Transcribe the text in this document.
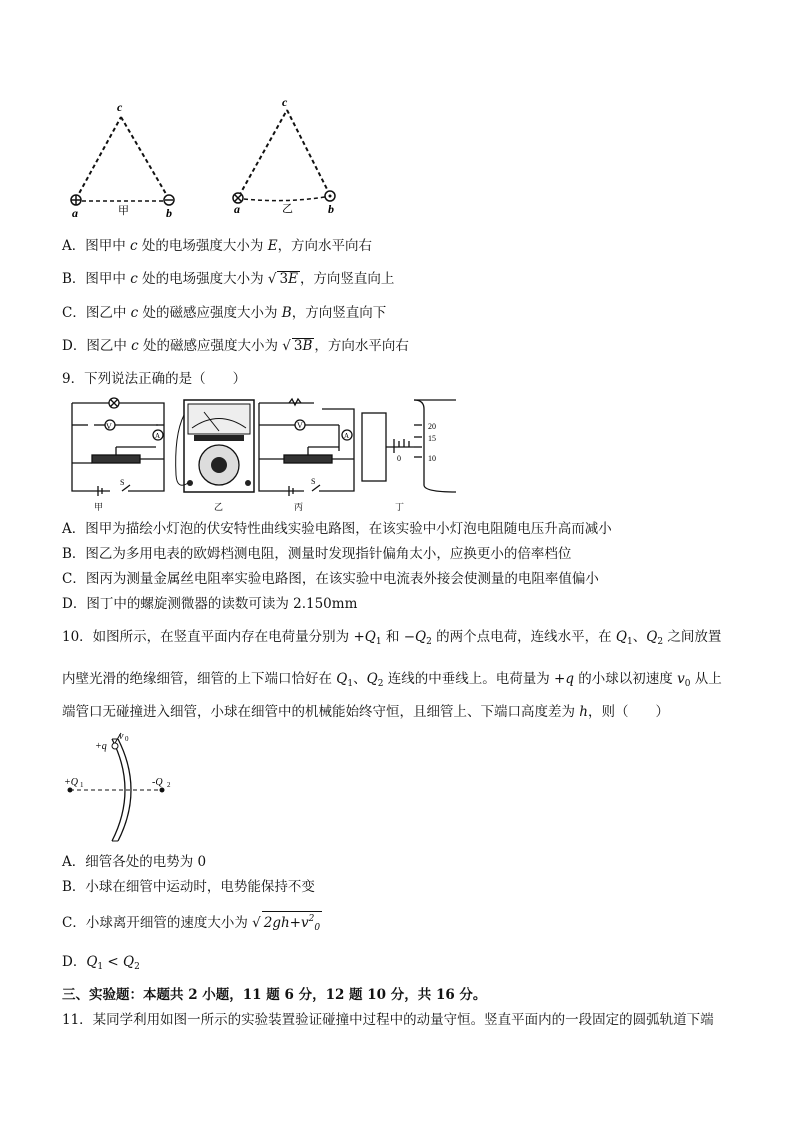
c
a	b
甲
c
a	b
乙
A．图甲中 c 处的电场强度大小为 E，方向水平向右
B．图甲中 c 处的电场强度大小为 √ 3E ，方向竖直向上
C．图乙中 c 处的磁感应强度大小为 B，方向竖直向下
D．图乙中 c 处的磁感应强度大小为 √ 3B ，方向水平向右
9．下列说法正确的是（　　）
V
A
S
甲	乙
V
A
S
丙
20
15
10
0
丁
A．图甲为描绘小灯泡的伏安特性曲线实验电路图，在该实验中小灯泡电阻随电压升高而减小
B．图乙为多用电表的欧姆档测电阻，测量时发现指针偏角太小，应换更小的倍率档位
C．图丙为测量金属丝电阻率实验电路图，在该实验中电流表外接会使测量的电阻率值偏小
D．图丁中的螺旋测微器的读数可读为 2.150mm
10．如图所示，在竖直平面内存在电荷量分别为 $+Q_1$ 和 $-Q_2$ 的两个点电荷，连线水平，在 $Q_1$、$Q_2$ 之间放置
内壁光滑的绝缘细管，细管的上下端口恰好在 $Q_1$、$Q_2$ 连线的中垂线上。电荷量为 +q 的小球以初速度 $v_0$ 从上
端管口无碰撞进入细管，小球在细管中的机械能始终守恒，且细管上、下端口高度差为 h，则（　　）
v 0
+q
+Q 1	-Q 2
A．细管各处的电势为 0
B．小球在细管中运动时，电势能保持不变
C．小球离开细管的速度大小为 √ $2gh+v^2_0$
D．$Q_1 < Q_2$
三、实验题：本题共 2 小题，11 题 6 分，12 题 10 分，共 16 分。
11．某同学利用如图一所示的实验装置验证碰撞中过程中的动量守恒。竖直平面内的一段固定的圆弧轨道下端
